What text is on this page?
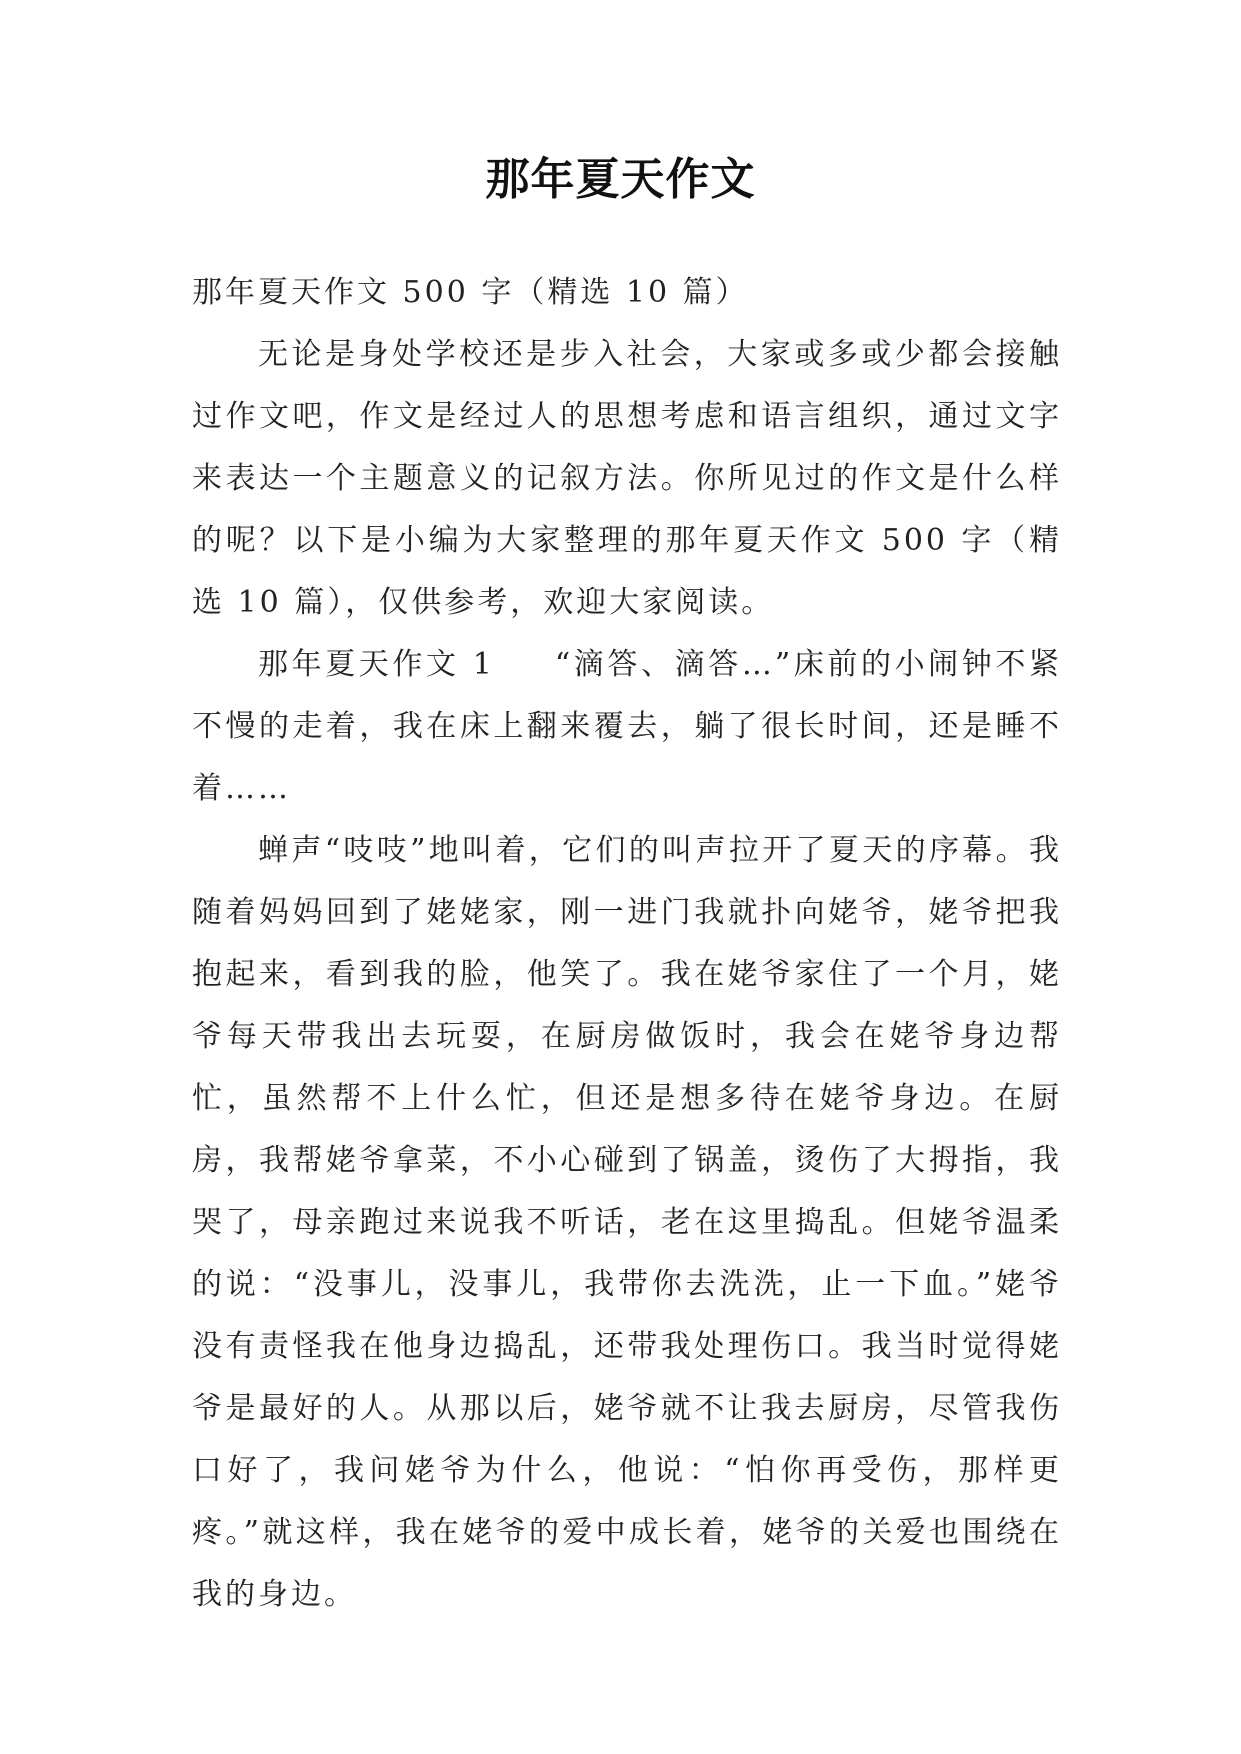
那年夏天作文

那年夏天作文 500 字（精选 10 篇）

无论是身处学校还是步入社会，大家或多或少都会接触过作文吧，作文是经过人的思想考虑和语言组织，通过文字来表达一个主题意义的记叙方法。你所见过的作文是什么样的呢？以下是小编为大家整理的那年夏天作文 500 字（精选 10 篇），仅供参考，欢迎大家阅读。

那年夏天作文 1 “滴答、滴答…”床前的小闹钟不紧不慢的走着，我在床上翻来覆去，躺了很长时间，还是睡不着……

蝉声“吱吱”地叫着，它们的叫声拉开了夏天的序幕。我随着妈妈回到了姥姥家，刚一进门我就扑向姥爷，姥爷把我抱起来，看到我的脸，他笑了。我在姥爷家住了一个月，姥爷每天带我出去玩耍，在厨房做饭时，我会在姥爷身边帮忙，虽然帮不上什么忙，但还是想多待在姥爷身边。在厨房，我帮姥爷拿菜，不小心碰到了锅盖，烫伤了大拇指，我哭了，母亲跑过来说我不听话，老在这里捣乱。但姥爷温柔的说：“没事儿，没事儿，我带你去洗洗，止一下血。”姥爷没有责怪我在他身边捣乱，还带我处理伤口。我当时觉得姥爷是最好的人。从那以后，姥爷就不让我去厨房，尽管我伤口好了，我问姥爷为什么，他说：“怕你再受伤，那样更疼。”就这样，我在姥爷的爱中成长着，姥爷的关爱也围绕在我的身边。
